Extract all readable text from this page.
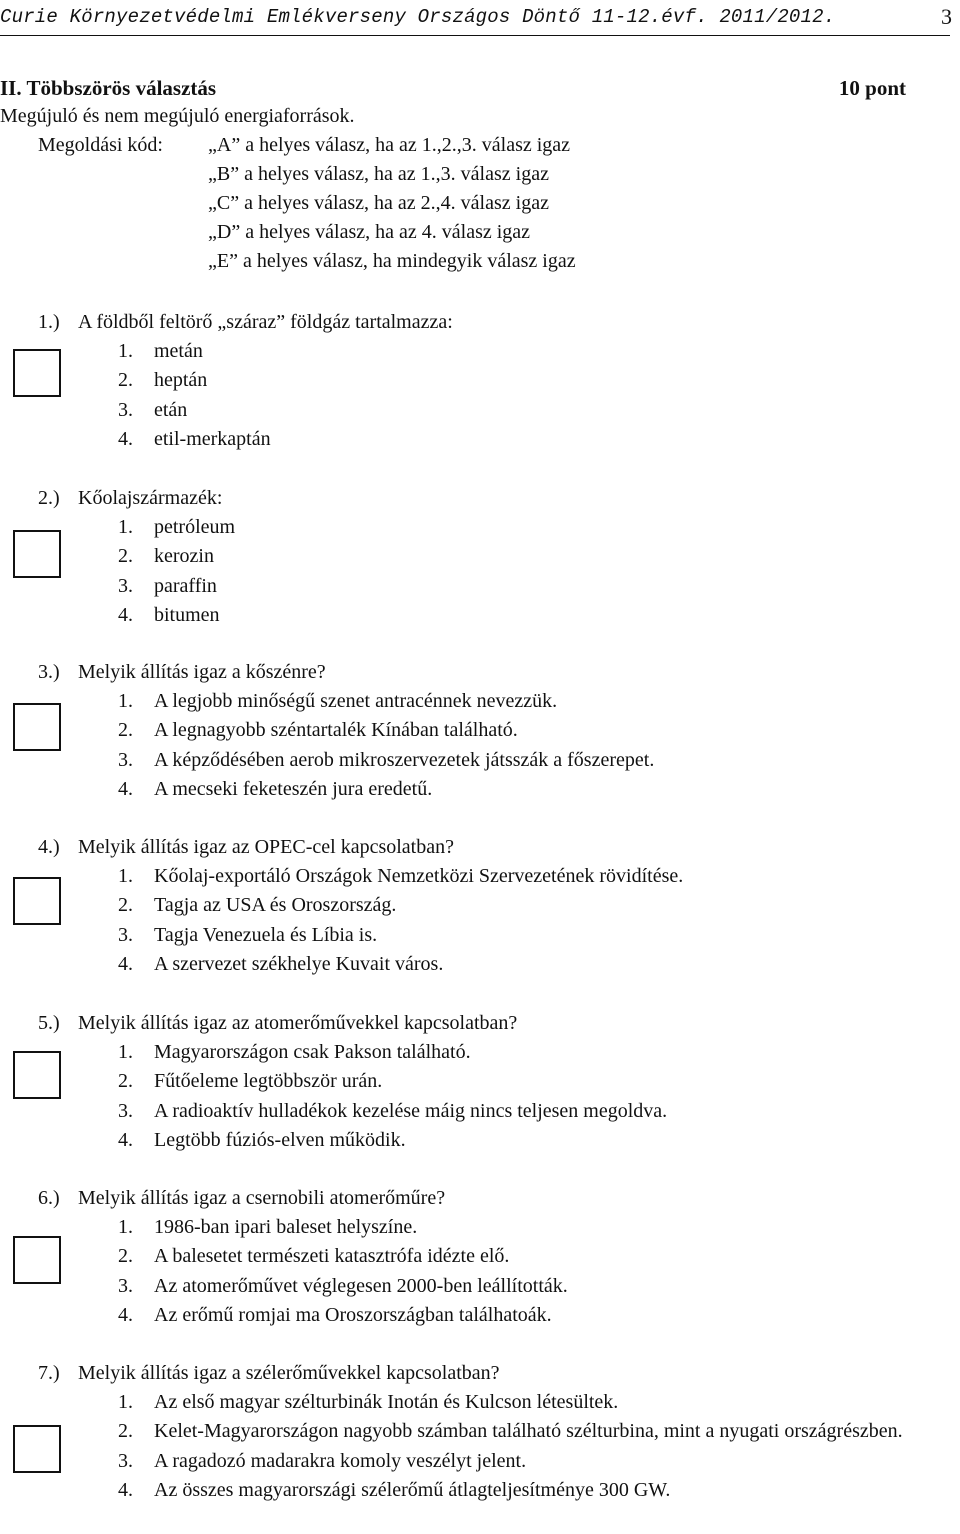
Curie Környezetvédelmi Emlékverseny Országos Döntő 11-12.évf. 2011/2012.	3
II. Többszörös választás	10 pont
Megújuló és nem megújuló energiaforrások.
Megoldási kód: „A” a helyes válasz, ha az 1.,2.,3. válasz igaz
„B” a helyes válasz, ha az 1.,3. válasz igaz
„C” a helyes válasz, ha az 2.,4. válasz igaz
„D” a helyes válasz, ha az 4. válasz igaz
„E” a helyes válasz, ha mindegyik válasz igaz
1.) A földből feltörő „száraz” földgáz tartalmazza:
1.	metán
2.	heptán
3.	etán
4.	etil-merkaptán
2.) Kőolajszármazék:
1.	petróleum
2.	kerozin
3.	paraffin
4.	bitumen
3.) Melyik állítás igaz a kőszénre?
1.	A legjobb minőségű szenet antracénnek nevezzük.
2.	A legnagyobb széntartalék Kínában található.
3.	A képződésében aerob mikroszervezetek játsszák a főszerepet.
4.	A mecseki feketeszén jura eredetű.
4.) Melyik állítás igaz az OPEC-cel kapcsolatban?
1.	Kőolaj-exportáló Országok Nemzetközi Szervezetének rövidítése.
2.	Tagja az USA és Oroszország.
3.	Tagja Venezuela és Líbia is.
4.	A szervezet székhelye Kuvait város.
5.) Melyik állítás igaz az atomerőművekkel kapcsolatban?
1.	Magyarországon csak Pakson található.
2.	Fűtőeleme legtöbbször urán.
3.	A radioaktív hulladékok kezelése máig nincs teljesen megoldva.
4.	Legtöbb fúziós-elven működik.
6.) Melyik állítás igaz a csernobili atomerőműre?
1.	1986-ban ipari baleset helyszíne.
2.	A balesetet természeti katasztrófa idézte elő.
3.	Az atomerőművet véglegesen 2000-ben leállították.
4.	Az erőmű romjai ma Oroszországban találhatoák.
7.) Melyik állítás igaz a szélerőművekkel kapcsolatban?
1.	Az első magyar szélturbinák Inotán és Kulcson létesültek.
2.	Kelet-Magyarországon nagyobb számban található szélturbina, mint a nyugati országrészben.
3.	A ragadozó madarakra komoly veszélyt jelent.
4.	Az összes magyarországi szélerőmű átlagteljesítménye 300 GW.
